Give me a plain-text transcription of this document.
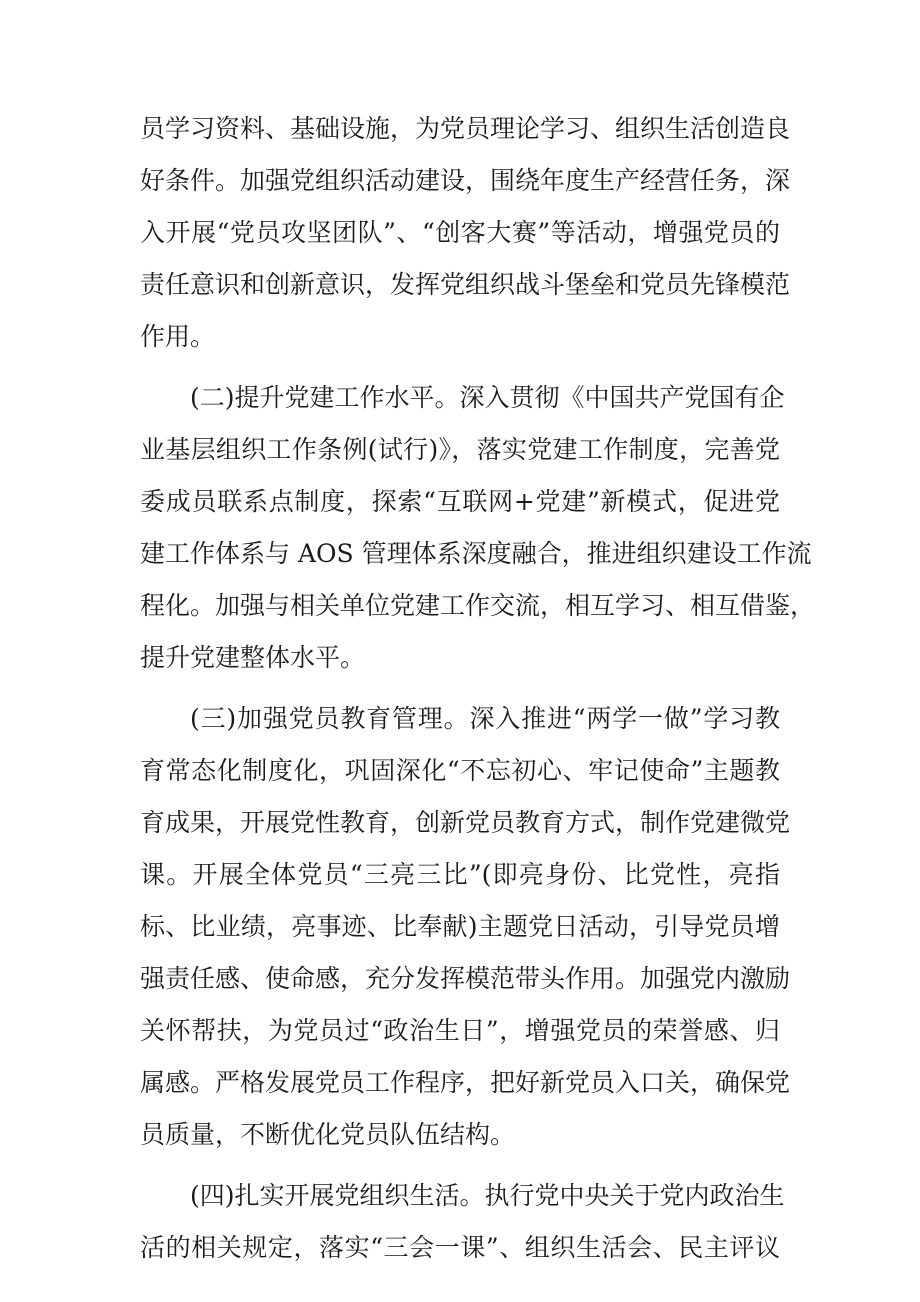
员学习资料、基础设施，为党员理论学习、组织生活创造良
好条件。加强党组织活动建设，围绕年度生产经营任务，深
入开展“党员攻坚团队”、“创客大赛”等活动，增强党员的
责任意识和创新意识，发挥党组织战斗堡垒和党员先锋模范
作用。
(二)提升党建工作水平。深入贯彻《中国共产党国有企
业基层组织工作条例(试行)》，落实党建工作制度，完善党
委成员联系点制度，探索“互联网+党建”新模式，促进党
建工作体系与 AOS 管理体系深度融合，推进组织建设工作流
程化。加强与相关单位党建工作交流，相互学习、相互借鉴，
提升党建整体水平。
(三)加强党员教育管理。深入推进“两学一做”学习教
育常态化制度化，巩固深化“不忘初心、牢记使命”主题教
育成果，开展党性教育，创新党员教育方式，制作党建微党
课。开展全体党员“三亮三比”(即亮身份、比党性，亮指
标、比业绩，亮事迹、比奉献)主题党日活动，引导党员增
强责任感、使命感，充分发挥模范带头作用。加强党内激励
关怀帮扶，为党员过“政治生日”，增强党员的荣誉感、归
属感。严格发展党员工作程序，把好新党员入口关，确保党
员质量，不断优化党员队伍结构。
(四)扎实开展党组织生活。执行党中央关于党内政治生
活的相关规定，落实“三会一课”、组织生活会、民主评议
